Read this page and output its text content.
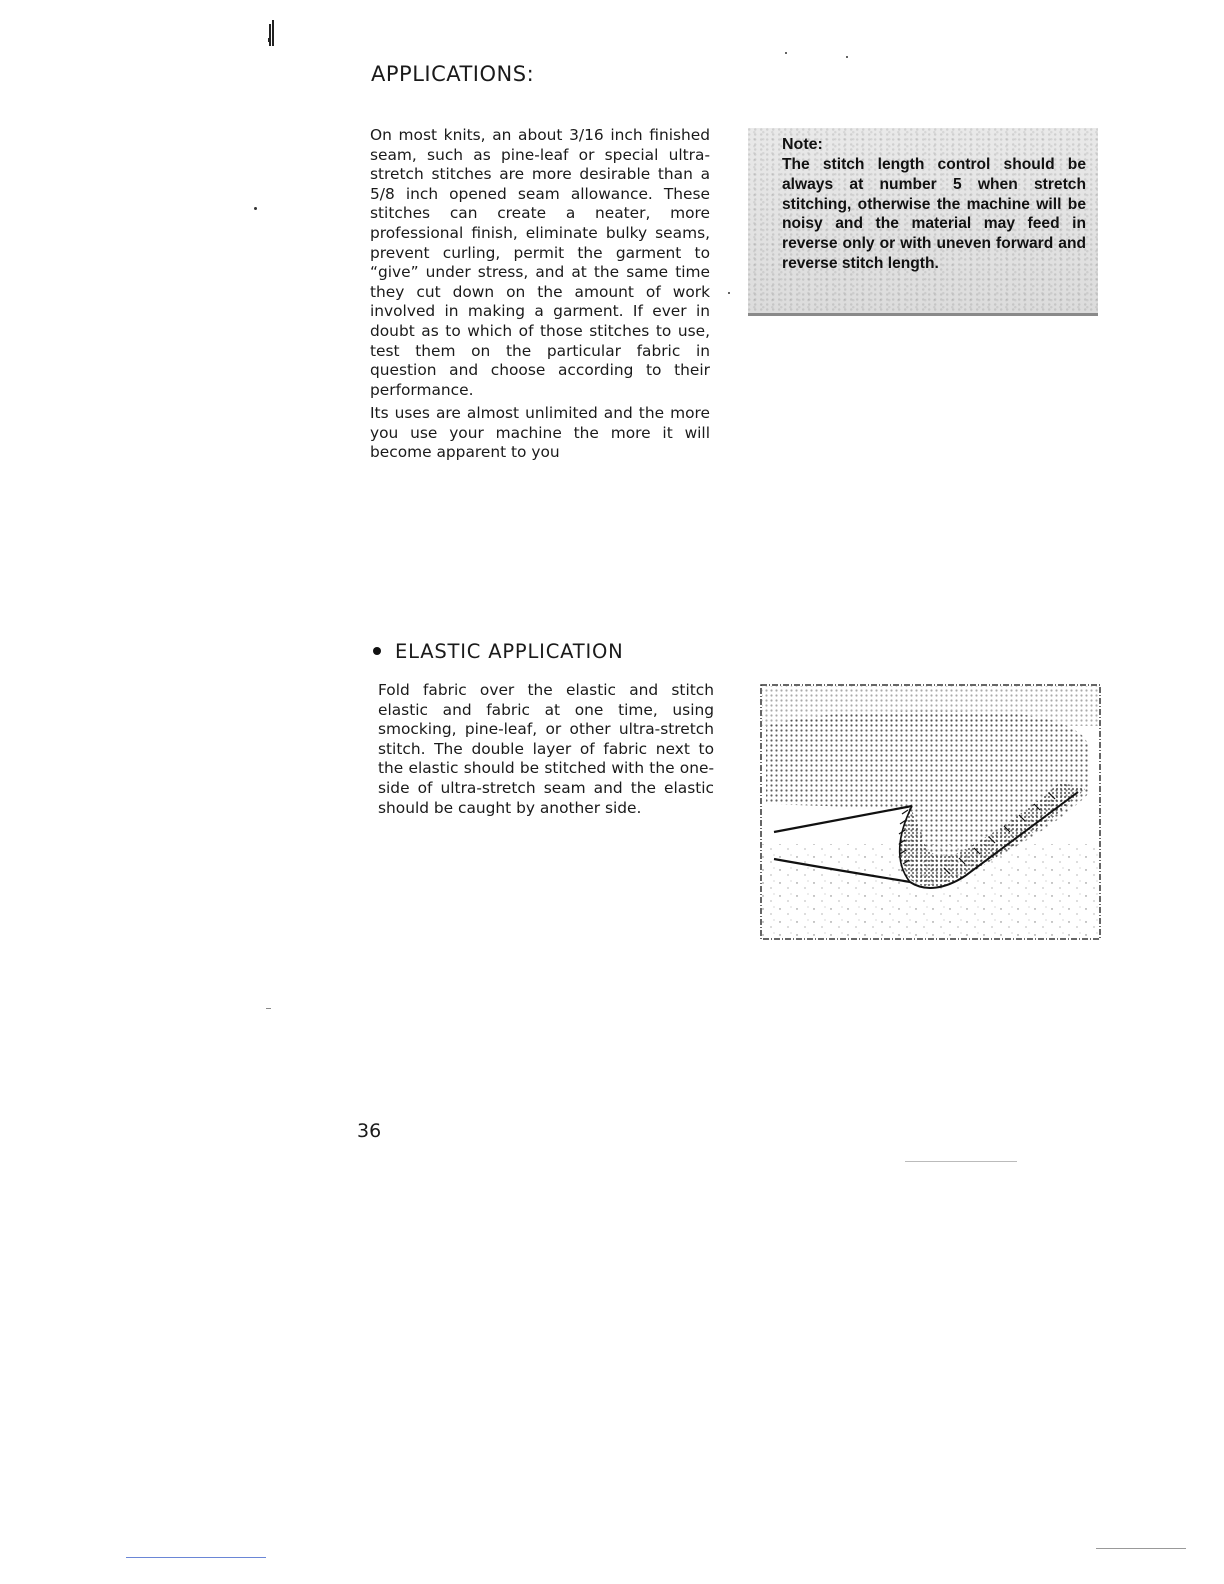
APPLICATIONS:
On most knits, an about 3/16 inch finished seam, such as pine-leaf or special ultra-stretch stitches are more desirable than a 5/8 inch opened seam allowance. These stitches can create a neater, more professional finish, eliminate bulky seams, prevent curling, permit the garment to “give” under stress, and at the same time they cut down on the amount of work involved in making a garment. If ever in doubt as to which of those stitches to use, test them on the particular fabric in question and choose according to their performance.
Its uses are almost unlimited and the more you use your machine the more it will become apparent to you
Note:
The stitch length control should be always at number 5 when stretch stitching, otherwise the machine will be noisy and the material may feed in reverse only or with uneven forward and reverse stitch length.
ELASTIC APPLICATION
Fold fabric over the elastic and stitch elastic and fabric at one time, using smocking, pine-leaf, or other ultra-stretch stitch. The double layer of fabric next to the elastic should be stitched with the one-side of ultra-stretch seam and the elastic should be caught by another side.
36
